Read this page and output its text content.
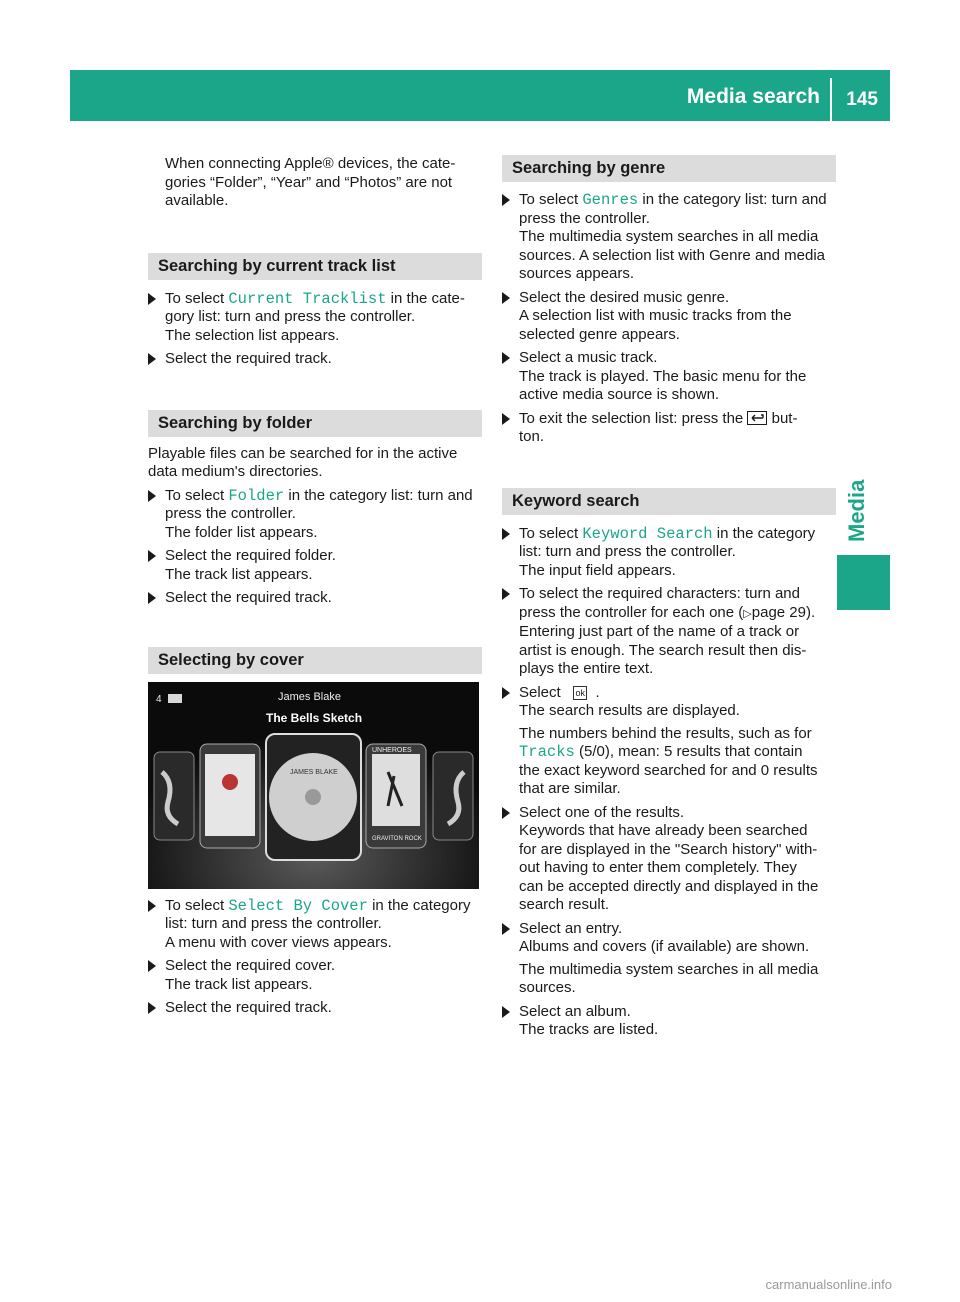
Media search 145
Media
When connecting Apple® devices, the cate-
gories “Folder”, “Year” and “Photos” are not
available.
Searching by current track list
To select Current Tracklist in the cate-
gory list: turn and press the controller.
The selection list appears.
Select the required track.
Searching by folder
Playable files can be searched for in the active
data medium's directories.
To select Folder in the category list: turn and
press the controller.
The folder list appears.
Select the required folder.
The track list appears.
Select the required track.
Selecting by cover
4	James Blake
The Bells Sketch
JAMES BLAKE
UNHEROES
GRAVITON ROCK
To select Select By Cover in the category
list: turn and press the controller.
A menu with cover views appears.
Select the required cover.
The track list appears.
Select the required track.
Searching by genre
To select Genres in the category list: turn and
press the controller.
The multimedia system searches in all media
sources. A selection list with Genre and media
sources appears.
Select the desired music genre.
A selection list with music tracks from the
selected genre appears.
Select a music track.
The track is played. The basic menu for the
active media source is shown.
To exit the selection list: press the  but-
ton.
Keyword search
To select Keyword Search in the category
list: turn and press the controller.
The input field appears.
To select the required characters: turn and
press the controller for each one (▷page 29).
Entering just part of the name of a track or
artist is enough. The search result then dis-
plays the entire text.
Select   ok .
The search results are displayed.
The numbers behind the results, such as for
Tracks (5/0), mean: 5 results that contain
the exact keyword searched for and 0 results
that are similar.
Select one of the results.
Keywords that have already been searched
for are displayed in the "Search history" with-
out having to enter them completely. They
can be accepted directly and displayed in the
search result.
Select an entry.
Albums and covers (if available) are shown.
The multimedia system searches in all media
sources.
Select an album.
The tracks are listed.
carmanualsonline.info
